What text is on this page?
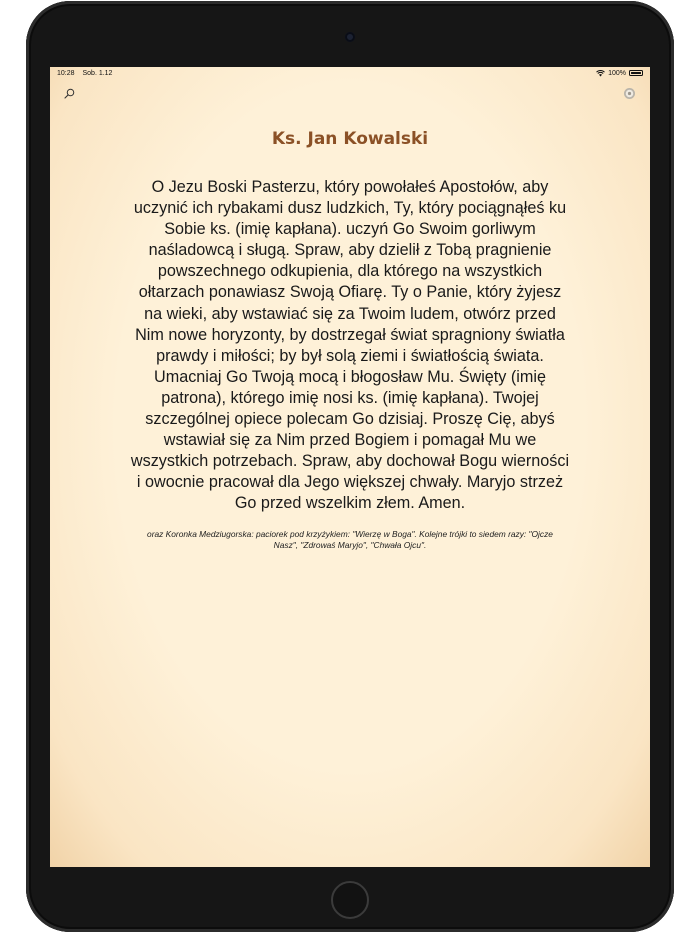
10:28 Sob. 1.12	100%
Ks. Jan Kowalski

O Jezu Boski Pasterzu, który powołałeś Apostołów, aby uczynić ich rybakami dusz ludzkich, Ty, który pociągnąłeś ku Sobie ks. (imię kapłana). uczyń Go Swoim gorliwym naśladowcą i sługą. Spraw, aby dzielił z Tobą pragnienie powszechnego odkupienia, dla którego na wszystkich ołtarzach ponawiasz Swoją Ofiarę. Ty o Panie, który żyjesz na wieki, aby wstawiać się za Twoim ludem, otwórz przed Nim nowe horyzonty, by dostrzegał świat spragniony światła prawdy i miłości; by był solą ziemi i światłością świata. Umacniaj Go Twoją mocą i błogosław Mu. Święty (imię patrona), którego imię nosi ks. (imię kapłana). Twojej szczególnej opiece polecam Go dzisiaj. Proszę Cię, abyś wstawiał się za Nim przed Bogiem i pomagał Mu we wszystkich potrzebach. Spraw, aby dochował Bogu wierności i owocnie pracował dla Jego większej chwały. Maryjo strzeż Go przed wszelkim złem. Amen.

oraz Koronka Medziugorska: paciorek pod krzyżykiem: "Wierzę w Boga". Kolejne trójki to siedem razy: "Ojcze Nasz", "Zdrowaś Maryjo", "Chwała Ojcu".
